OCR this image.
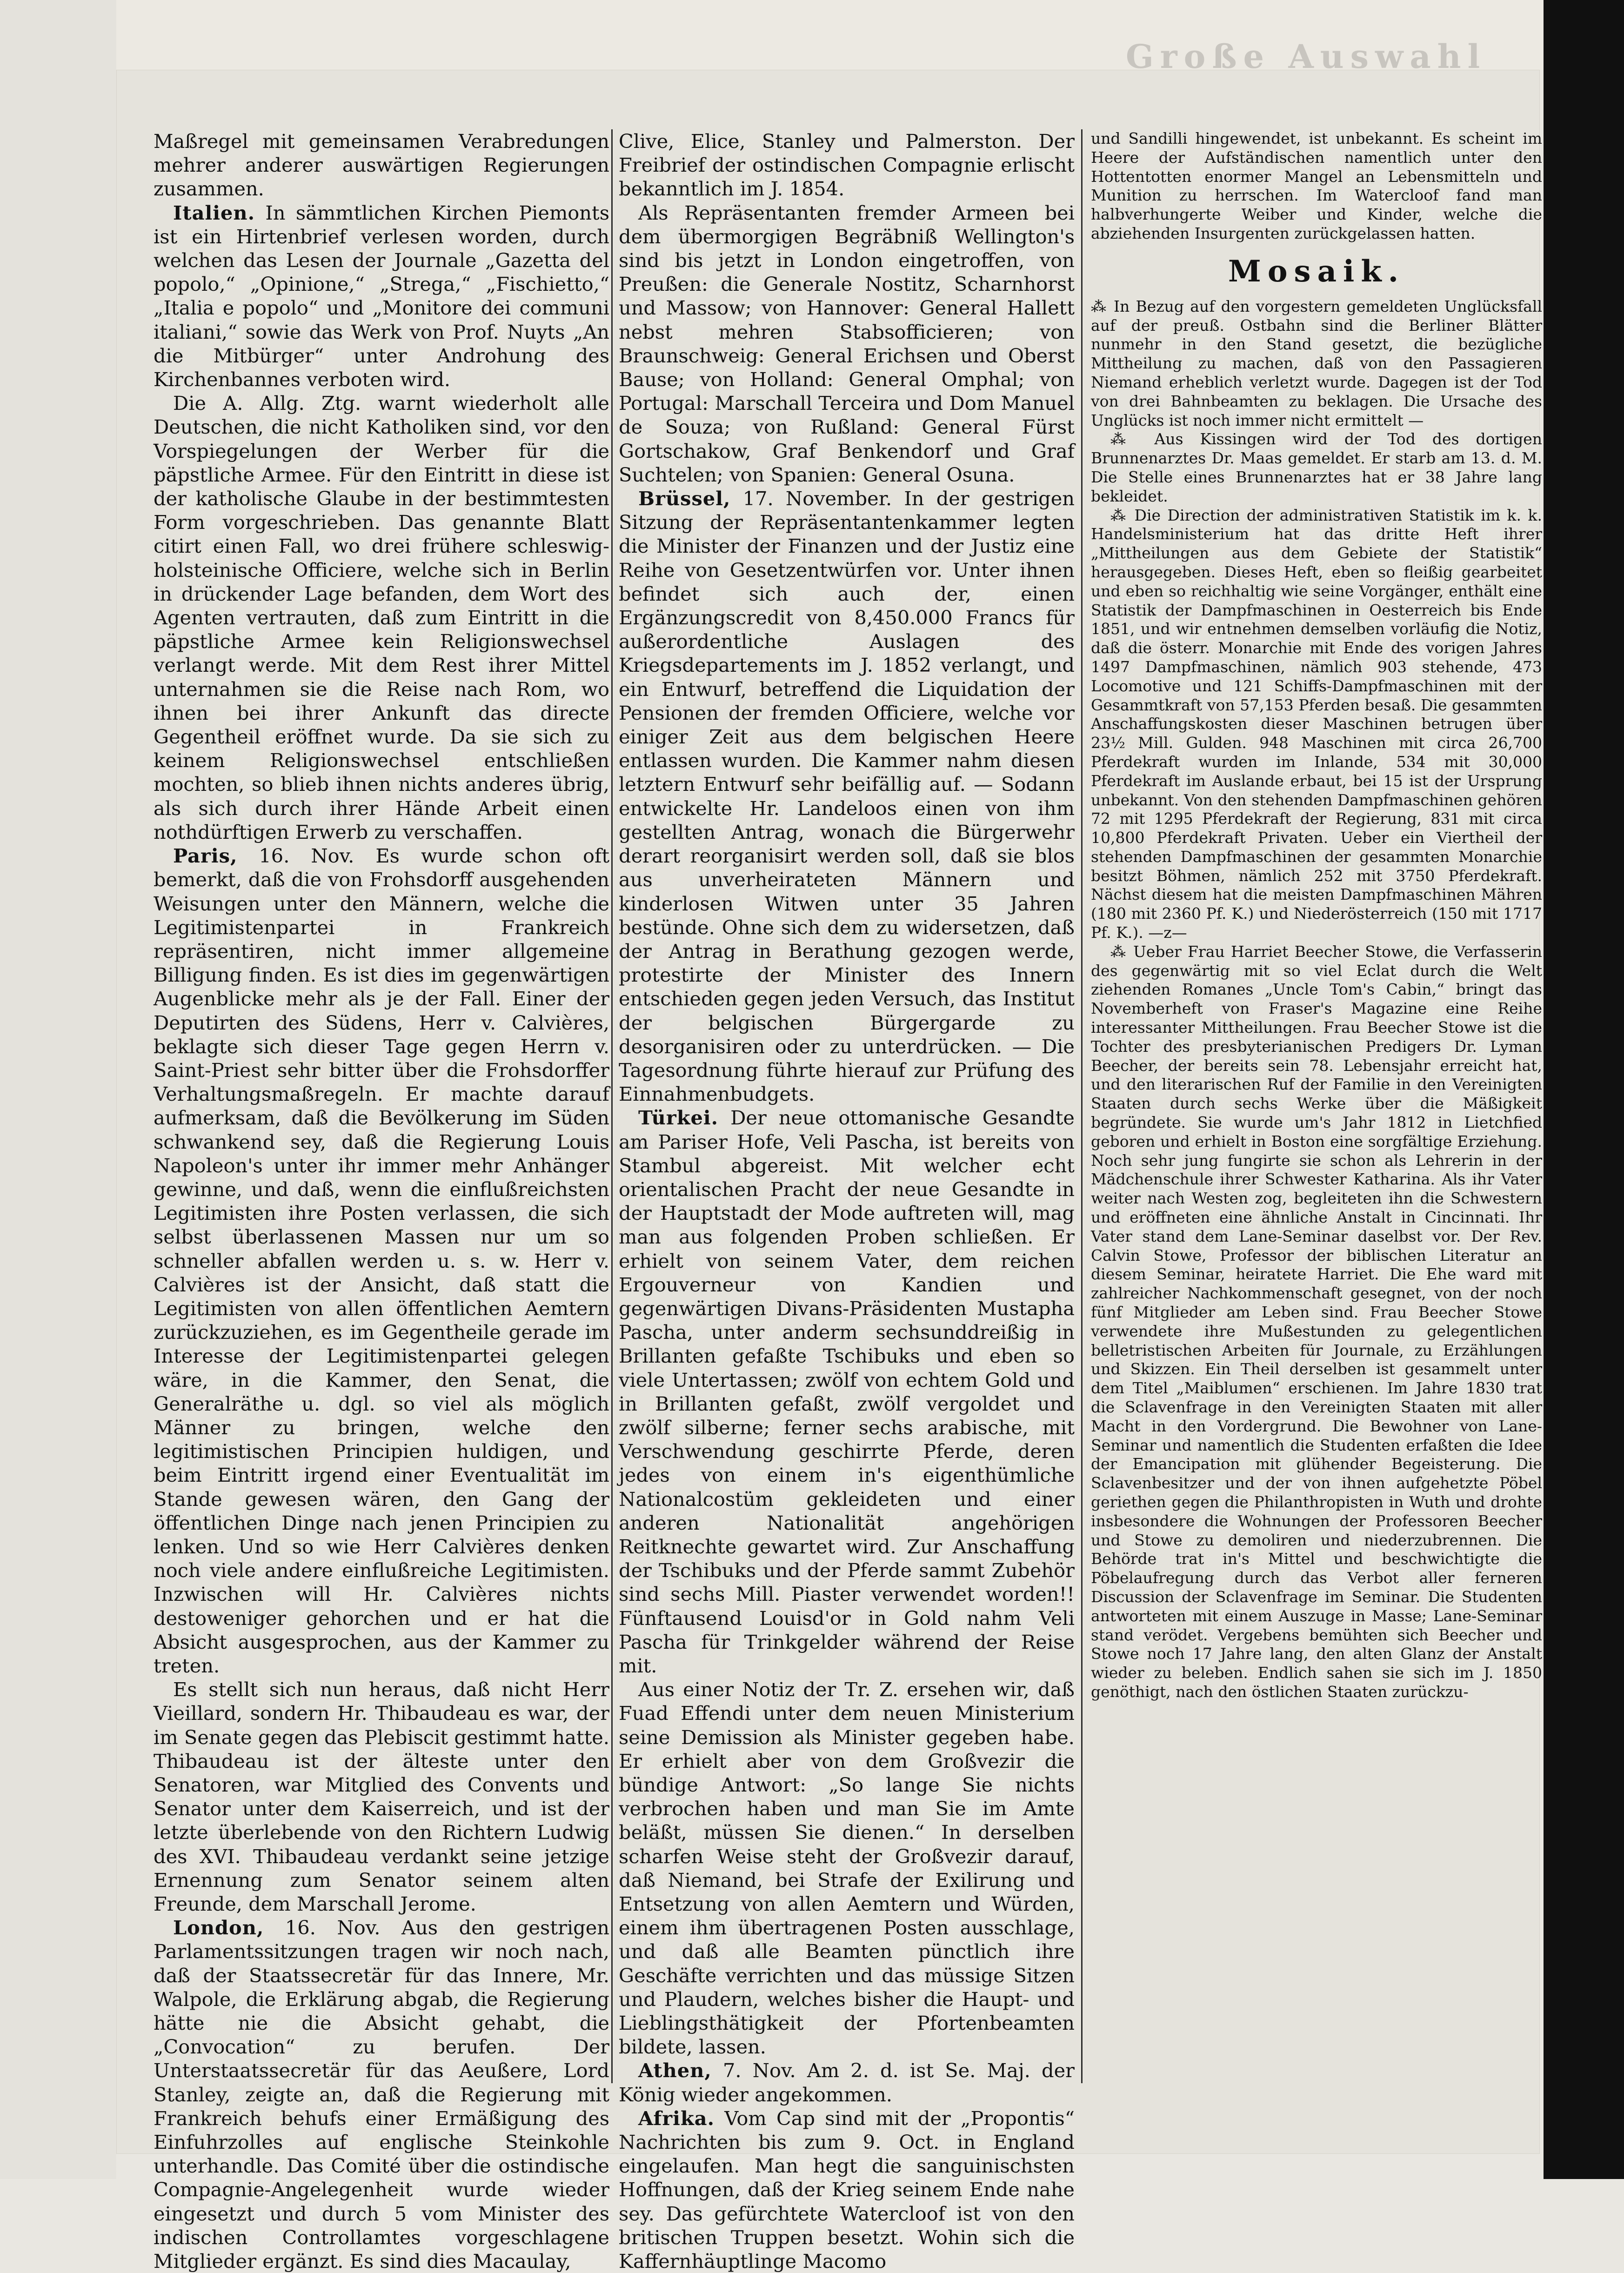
Große Auswahl

Maßregel mit gemeinsamen Verabredungen mehrer anderer auswärtigen Regierungen zusammen.

Italien. In sämmtlichen Kirchen Piemonts ist ein Hirtenbrief verlesen worden, durch welchen das Lesen der Journale „Gazetta del popolo,“ „Opinione,“ „Strega,“ „Fischietto,“ „Italia e popolo“ und „Monitore dei communi italiani,“ sowie das Werk von Prof. Nuyts „An die Mitbürger“ unter Androhung des Kirchenbannes verboten wird.

Die A. Allg. Ztg. warnt wiederholt alle Deutschen, die nicht Katholiken sind, vor den Vorspiegelungen der Werber für die päpstliche Armee. Für den Eintritt in diese ist der katholische Glaube in der bestimmtesten Form vorgeschrieben. Das genannte Blatt citirt einen Fall, wo drei frühere schleswig-holsteinische Officiere, welche sich in Berlin in drückender Lage befanden, dem Wort des Agenten vertrauten, daß zum Eintritt in die päpstliche Armee kein Religionswechsel verlangt werde. Mit dem Rest ihrer Mittel unternahmen sie die Reise nach Rom, wo ihnen bei ihrer Ankunft das directe Gegentheil eröffnet wurde. Da sie sich zu keinem Religionswechsel entschließen mochten, so blieb ihnen nichts anderes übrig, als sich durch ihrer Hände Arbeit einen nothdürftigen Erwerb zu verschaffen.

Paris, 16. Nov. Es wurde schon oft bemerkt, daß die von Frohsdorff ausgehenden Weisungen unter den Männern, welche die Legitimistenpartei in Frankreich repräsentiren, nicht immer allgemeine Billigung finden. Es ist dies im gegenwärtigen Augenblicke mehr als je der Fall. Einer der Deputirten des Südens, Herr v. Calvières, beklagte sich dieser Tage gegen Herrn v. Saint-Priest sehr bitter über die Frohsdorffer Verhaltungsmaßregeln. Er machte darauf aufmerksam, daß die Bevölkerung im Süden schwankend sey, daß die Regierung Louis Napoleon's unter ihr immer mehr Anhänger gewinne, und daß, wenn die einflußreichsten Legitimisten ihre Posten verlassen, die sich selbst überlassenen Massen nur um so schneller abfallen werden u. s. w. Herr v. Calvières ist der Ansicht, daß statt die Legitimisten von allen öffentlichen Aemtern zurückzuziehen, es im Gegentheile gerade im Interesse der Legitimistenpartei gelegen wäre, in die Kammer, den Senat, die Generalräthe u. dgl. so viel als möglich Männer zu bringen, welche den legitimistischen Principien huldigen, und beim Eintritt irgend einer Eventualität im Stande gewesen wären, den Gang der öffentlichen Dinge nach jenen Principien zu lenken. Und so wie Herr Calvières denken noch viele andere einflußreiche Legitimisten. Inzwischen will Hr. Calvières nichts destoweniger gehorchen und er hat die Absicht ausgesprochen, aus der Kammer zu treten.

Es stellt sich nun heraus, daß nicht Herr Vieillard, sondern Hr. Thibaudeau es war, der im Senate gegen das Plebiscit gestimmt hatte. Thibaudeau ist der älteste unter den Senatoren, war Mitglied des Convents und Senator unter dem Kaiserreich, und ist der letzte überlebende von den Richtern Ludwig des XVI. Thibaudeau verdankt seine jetzige Ernennung zum Senator seinem alten Freunde, dem Marschall Jerome.

London, 16. Nov. Aus den gestrigen Parlamentssitzungen tragen wir noch nach, daß der Staatssecretär für das Innere, Mr. Walpole, die Erklärung abgab, die Regierung hätte nie die Absicht gehabt, die „Convocation“ zu berufen. Der Unterstaatssecretär für das Aeußere, Lord Stanley, zeigte an, daß die Regierung mit Frankreich behufs einer Ermäßigung des Einfuhrzolles auf englische Steinkohle unterhandle. Das Comité über die ostindische Compagnie-Angelegenheit wurde wieder eingesetzt und durch 5 vom Minister des indischen Controllamtes vorgeschlagene Mitglieder ergänzt. Es sind dies Macaulay,

Clive, Elice, Stanley und Palmerston. Der Freibrief der ostindischen Compagnie erlischt bekanntlich im J. 1854.

Als Repräsentanten fremder Armeen bei dem übermorgigen Begräbniß Wellington's sind bis jetzt in London eingetroffen, von Preußen: die Generale Nostitz, Scharnhorst und Massow; von Hannover: General Hallett nebst mehren Stabsofficieren; von Braunschweig: General Erichsen und Oberst Bause; von Holland: General Omphal; von Portugal: Marschall Terceira und Dom Manuel de Souza; von Rußland: General Fürst Gortschakow, Graf Benkendorf und Graf Suchtelen; von Spanien: General Osuna.

Brüssel, 17. November. In der gestrigen Sitzung der Repräsentantenkammer legten die Minister der Finanzen und der Justiz eine Reihe von Gesetzentwürfen vor. Unter ihnen befindet sich auch der, einen Ergänzungscredit von 8,450.000 Francs für außerordentliche Auslagen des Kriegsdepartements im J. 1852 verlangt, und ein Entwurf, betreffend die Liquidation der Pensionen der fremden Officiere, welche vor einiger Zeit aus dem belgischen Heere entlassen wurden. Die Kammer nahm diesen letztern Entwurf sehr beifällig auf. — Sodann entwickelte Hr. Landeloos einen von ihm gestellten Antrag, wonach die Bürgerwehr derart reorganisirt werden soll, daß sie blos aus unverheirateten Männern und kinderlosen Witwen unter 35 Jahren bestünde. Ohne sich dem zu widersetzen, daß der Antrag in Berathung gezogen werde, protestirte der Minister des Innern entschieden gegen jeden Versuch, das Institut der belgischen Bürgergarde zu desorganisiren oder zu unterdrücken. — Die Tagesordnung führte hierauf zur Prüfung des Einnahmenbudgets.

Türkei. Der neue ottomanische Gesandte am Pariser Hofe, Veli Pascha, ist bereits von Stambul abgereist. Mit welcher echt orientalischen Pracht der neue Gesandte in der Hauptstadt der Mode auftreten will, mag man aus folgenden Proben schließen. Er erhielt von seinem Vater, dem reichen Ergouverneur von Kandien und gegenwärtigen Divans-Präsidenten Mustapha Pascha, unter anderm sechsunddreißig in Brillanten gefaßte Tschibuks und eben so viele Untertassen; zwölf von echtem Gold und in Brillanten gefaßt, zwölf vergoldet und zwölf silberne; ferner sechs arabische, mit Verschwendung geschirrte Pferde, deren jedes von einem in's eigenthümliche Nationalcostüm gekleideten und einer anderen Nationalität angehörigen Reitknechte gewartet wird. Zur Anschaffung der Tschibuks und der Pferde sammt Zubehör sind sechs Mill. Piaster verwendet worden!! Fünftausend Louisd'or in Gold nahm Veli Pascha für Trinkgelder während der Reise mit.

Aus einer Notiz der Tr. Z. ersehen wir, daß Fuad Effendi unter dem neuen Ministerium seine Demission als Minister gegeben habe. Er erhielt aber von dem Großvezir die bündige Antwort: „So lange Sie nichts verbrochen haben und man Sie im Amte beläßt, müssen Sie dienen.“ In derselben scharfen Weise steht der Großvezir darauf, daß Niemand, bei Strafe der Exilirung und Entsetzung von allen Aemtern und Würden, einem ihm übertragenen Posten ausschlage, und daß alle Beamten pünctlich ihre Geschäfte verrichten und das müssige Sitzen und Plaudern, welches bisher die Haupt- und Lieblingsthätigkeit der Pfortenbeamten bildete, lassen.

Athen, 7. Nov. Am 2. d. ist Se. Maj. der König wieder angekommen.

Afrika. Vom Cap sind mit der „Propontis“ Nachrichten bis zum 9. Oct. in England eingelaufen. Man hegt die sanguinischsten Hoffnungen, daß der Krieg seinem Ende nahe sey. Das gefürchtete Watercloof ist von den britischen Truppen besetzt. Wohin sich die Kaffernhäuptlinge Macomo

und Sandilli hingewendet, ist unbekannt. Es scheint im Heere der Aufständischen namentlich unter den Hottentotten enormer Mangel an Lebensmitteln und Munition zu herrschen. Im Watercloof fand man halbverhungerte Weiber und Kinder, welche die abziehenden Insurgenten zurückgelassen hatten.

Mosaik.

⁂ In Bezug auf den vorgestern gemeldeten Unglücksfall auf der preuß. Ostbahn sind die Berliner Blätter nunmehr in den Stand gesetzt, die bezügliche Mittheilung zu machen, daß von den Passagieren Niemand erheblich verletzt wurde. Dagegen ist der Tod von drei Bahnbeamten zu beklagen. Die Ursache des Unglücks ist noch immer nicht ermittelt —

⁂ Aus Kissingen wird der Tod des dortigen Brunnenarztes Dr. Maas gemeldet. Er starb am 13. d. M. Die Stelle eines Brunnenarztes hat er 38 Jahre lang bekleidet.

⁂ Die Direction der administrativen Statistik im k. k. Handelsministerium hat das dritte Heft ihrer „Mittheilungen aus dem Gebiete der Statistik“ herausgegeben. Dieses Heft, eben so fleißig gearbeitet und eben so reichhaltig wie seine Vorgänger, enthält eine Statistik der Dampfmaschinen in Oesterreich bis Ende 1851, und wir entnehmen demselben vorläufig die Notiz, daß die österr. Monarchie mit Ende des vorigen Jahres 1497 Dampfmaschinen, nämlich 903 stehende, 473 Locomotive und 121 Schiffs-Dampfmaschinen mit der Gesammtkraft von 57,153 Pferden besaß. Die gesammten Anschaffungskosten dieser Maschinen betrugen über 23½ Mill. Gulden. 948 Maschinen mit circa 26,700 Pferdekraft wurden im Inlande, 534 mit 30,000 Pferdekraft im Auslande erbaut, bei 15 ist der Ursprung unbekannt. Von den stehenden Dampfmaschinen gehören 72 mit 1295 Pferdekraft der Regierung, 831 mit circa 10,800 Pferdekraft Privaten. Ueber ein Viertheil der stehenden Dampfmaschinen der gesammten Monarchie besitzt Böhmen, nämlich 252 mit 3750 Pferdekraft. Nächst diesem hat die meisten Dampfmaschinen Mähren (180 mit 2360 Pf. K.) und Niederösterreich (150 mit 1717 Pf. K.). —z—

⁂ Ueber Frau Harriet Beecher Stowe, die Verfasserin des gegenwärtig mit so viel Eclat durch die Welt ziehenden Romanes „Uncle Tom's Cabin,“ bringt das Novemberheft von Fraser's Magazine eine Reihe interessanter Mittheilungen. Frau Beecher Stowe ist die Tochter des presbyterianischen Predigers Dr. Lyman Beecher, der bereits sein 78. Lebensjahr erreicht hat, und den literarischen Ruf der Familie in den Vereinigten Staaten durch sechs Werke über die Mäßigkeit begründete. Sie wurde um's Jahr 1812 in Lietchfied geboren und erhielt in Boston eine sorgfältige Erziehung. Noch sehr jung fungirte sie schon als Lehrerin in der Mädchenschule ihrer Schwester Katharina. Als ihr Vater weiter nach Westen zog, begleiteten ihn die Schwestern und eröffneten eine ähnliche Anstalt in Cincinnati. Ihr Vater stand dem Lane-Seminar daselbst vor. Der Rev. Calvin Stowe, Professor der biblischen Literatur an diesem Seminar, heiratete Harriet. Die Ehe ward mit zahlreicher Nachkommenschaft gesegnet, von der noch fünf Mitglieder am Leben sind. Frau Beecher Stowe verwendete ihre Mußestunden zu gelegentlichen belletristischen Arbeiten für Journale, zu Erzählungen und Skizzen. Ein Theil derselben ist gesammelt unter dem Titel „Maiblumen“ erschienen. Im Jahre 1830 trat die Sclavenfrage in den Vereinigten Staaten mit aller Macht in den Vordergrund. Die Bewohner von Lane-Seminar und namentlich die Studenten erfaßten die Idee der Emancipation mit glühender Begeisterung. Die Sclavenbesitzer und der von ihnen aufgehetzte Pöbel geriethen gegen die Philanthropisten in Wuth und drohte insbesondere die Wohnungen der Professoren Beecher und Stowe zu demoliren und niederzubrennen. Die Behörde trat in's Mittel und beschwichtigte die Pöbelaufregung durch das Verbot aller ferneren Discussion der Sclavenfrage im Seminar. Die Studenten antworteten mit einem Auszuge in Masse; Lane-Seminar stand verödet. Vergebens bemühten sich Beecher und Stowe noch 17 Jahre lang, den alten Glanz der Anstalt wieder zu beleben. Endlich sahen sie sich im J. 1850 genöthigt, nach den östlichen Staaten zurückzu-
